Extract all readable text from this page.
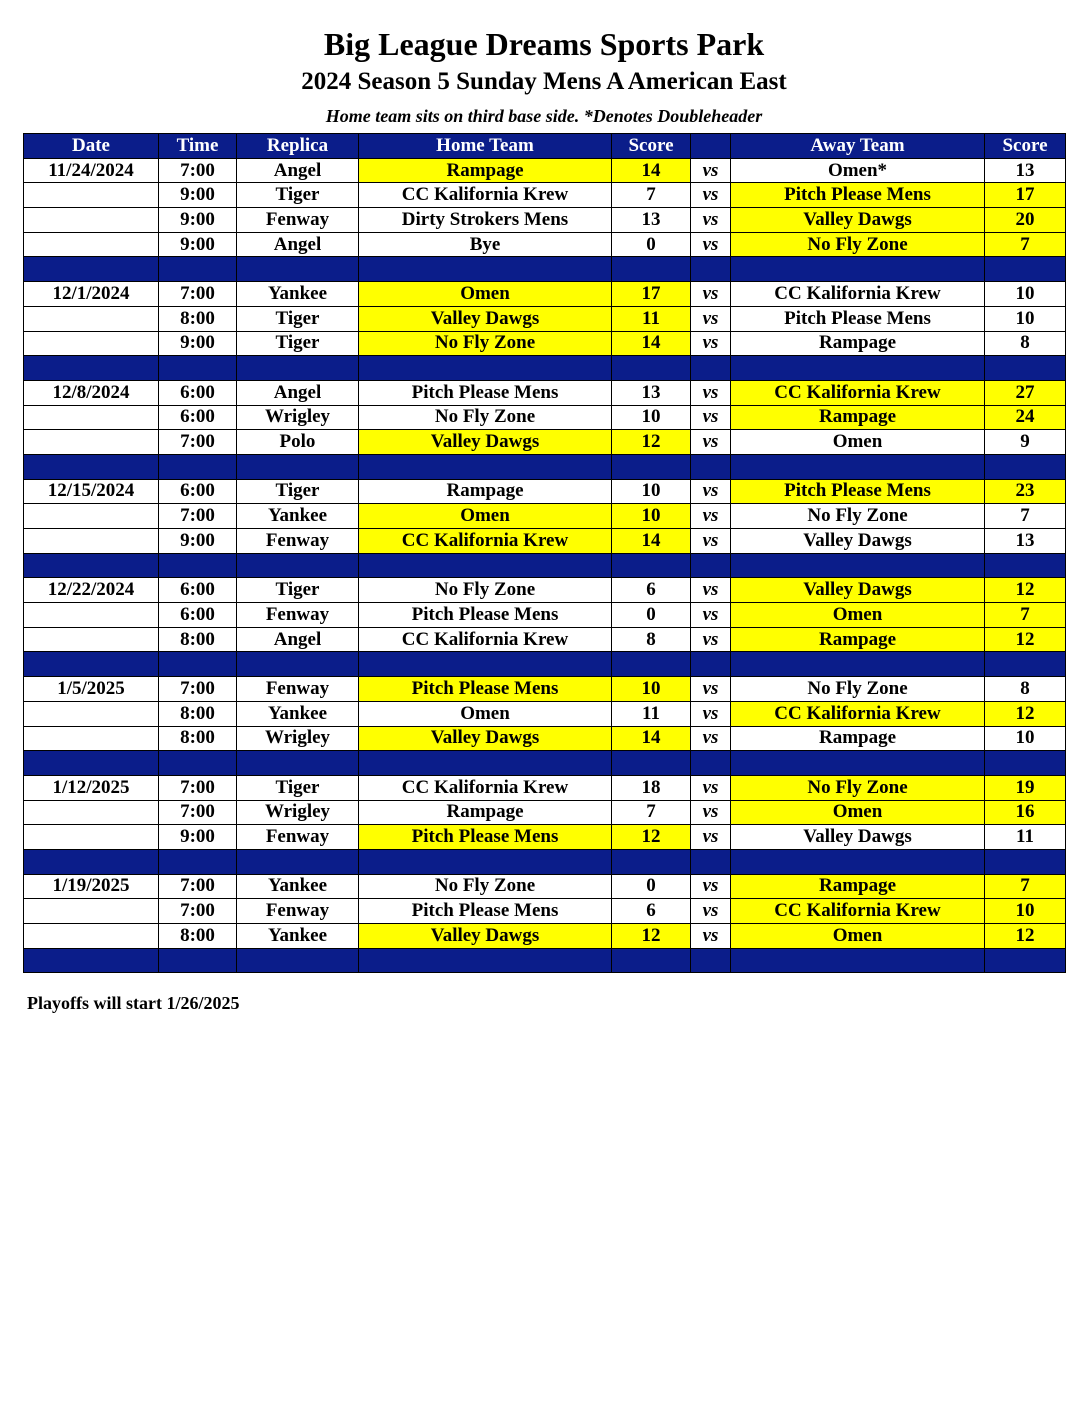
Big League Dreams Sports Park
2024 Season 5 Sunday Mens A American East
Home team sits on third base side. *Denotes Doubleheader
Date	Time	Replica	Home Team	Score		Away Team	Score
11/24/2024	7:00	Angel	Rampage	14	vs	Omen*	13
	9:00	Tiger	CC Kalifornia Krew	7	vs	Pitch Please Mens	17
	9:00	Fenway	Dirty Strokers Mens	13	vs	Valley Dawgs	20
	9:00	Angel	Bye	0	vs	No Fly Zone	7

12/1/2024	7:00	Yankee	Omen	17	vs	CC Kalifornia Krew	10
	8:00	Tiger	Valley Dawgs	11	vs	Pitch Please Mens	10
	9:00	Tiger	No Fly Zone	14	vs	Rampage	8

12/8/2024	6:00	Angel	Pitch Please Mens	13	vs	CC Kalifornia Krew	27
	6:00	Wrigley	No Fly Zone	10	vs	Rampage	24
	7:00	Polo	Valley Dawgs	12	vs	Omen	9

12/15/2024	6:00	Tiger	Rampage	10	vs	Pitch Please Mens	23
	7:00	Yankee	Omen	10	vs	No Fly Zone	7
	9:00	Fenway	CC Kalifornia Krew	14	vs	Valley Dawgs	13

12/22/2024	6:00	Tiger	No Fly Zone	6	vs	Valley Dawgs	12
	6:00	Fenway	Pitch Please Mens	0	vs	Omen	7
	8:00	Angel	CC Kalifornia Krew	8	vs	Rampage	12

1/5/2025	7:00	Fenway	Pitch Please Mens	10	vs	No Fly Zone	8
	8:00	Yankee	Omen	11	vs	CC Kalifornia Krew	12
	8:00	Wrigley	Valley Dawgs	14	vs	Rampage	10

1/12/2025	7:00	Tiger	CC Kalifornia Krew	18	vs	No Fly Zone	19
	7:00	Wrigley	Rampage	7	vs	Omen	16
	9:00	Fenway	Pitch Please Mens	12	vs	Valley Dawgs	11

1/19/2025	7:00	Yankee	No Fly Zone	0	vs	Rampage	7
	7:00	Fenway	Pitch Please Mens	6	vs	CC Kalifornia Krew	10
	8:00	Yankee	Valley Dawgs	12	vs	Omen	12

Playoffs will start 1/26/2025
